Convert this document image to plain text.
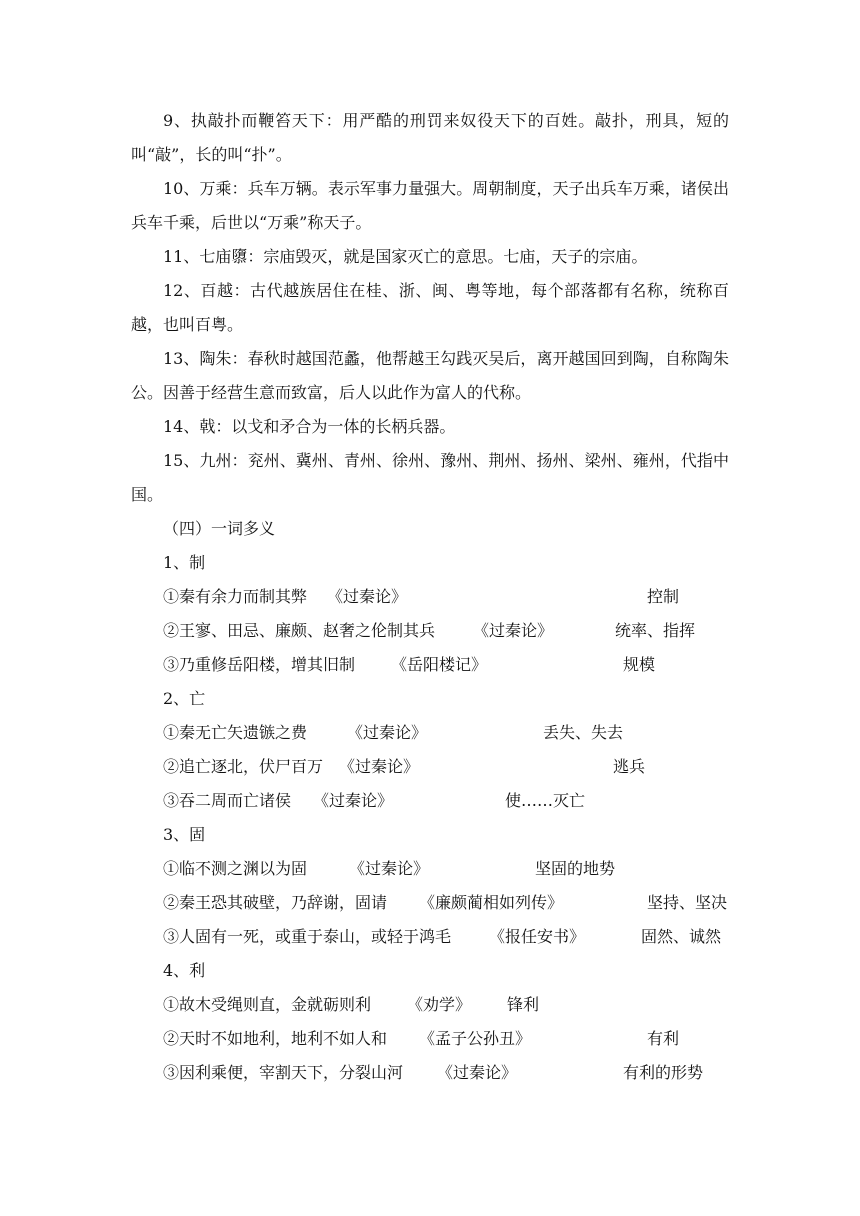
9、执敲扑而鞭笞天下：用严酷的刑罚来奴役天下的百姓。敲扑，刑具，短的叫“敲”，长的叫“扑”。

10、万乘：兵车万辆。表示军事力量强大。周朝制度，天子出兵车万乘，诸侯出兵车千乘，后世以“万乘”称天子。

11、七庙隳：宗庙毁灭，就是国家灭亡的意思。七庙，天子的宗庙。

12、百越：古代越族居住在桂、浙、闽、粤等地，每个部落都有名称，统称百越，也叫百粤。

13、陶朱：春秋时越国范蠡，他帮越王勾践灭吴后，离开越国回到陶，自称陶朱公。因善于经营生意而致富，后人以此作为富人的代称。

14、戟：以戈和矛合为一体的长柄兵器。

15、九州：兖州、冀州、青州、徐州、豫州、荆州、扬州、梁州、雍州，代指中国。

（四）一词多义

1、制

①秦有余力而制其弊 《过秦论》	控制
②王寥、田忌、廉颇、赵奢之伦制其兵 《过秦论》	统率、指挥
③乃重修岳阳楼，增其旧制 《岳阳楼记》	规模

2、亡

①秦无亡矢遗镞之费 《过秦论》	丢失、失去
②追亡逐北，伏尸百万 《过秦论》	逃兵
③吞二周而亡诸侯 《过秦论》	使……灭亡

3、固

①临不测之渊以为固	《过秦论》	坚固的地势
②秦王恐其破壁，乃辞谢，固请 《廉颇蔺相如列传》	坚持、坚决
③人固有一死，或重于泰山，或轻于鸿毛 《报任安书》	固然、诚然

4、利

①故木受绳则直，金就砺则利 《劝学》 锋利
②天时不如地利，地利不如人和 《孟子公孙丑》	有利
③因利乘便，宰割天下，分裂山河 《过秦论》	有利的形势
